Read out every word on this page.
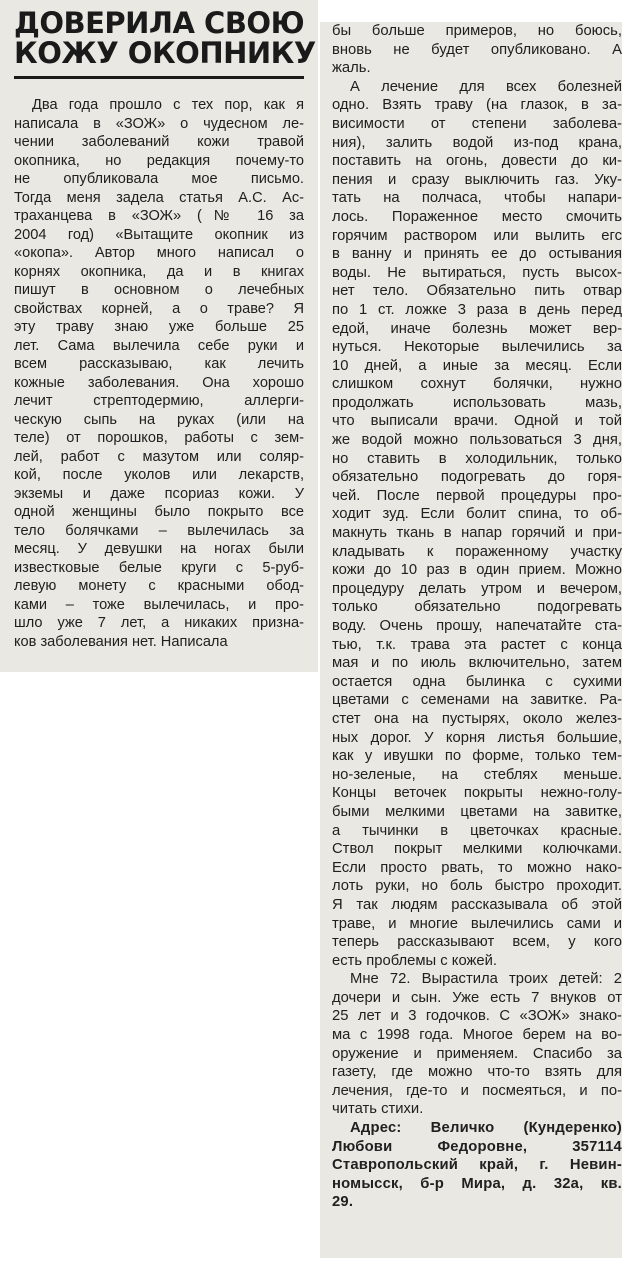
ДОВЕРИЛА СВОЮ
КОЖУ ОКОПНИКУ
Два года прошло с тех пор, как я
написала в «ЗОЖ» о чудесном ле-
чении заболеваний кожи травой
окопника, но редакция почему-то
не опубликовала мое письмо.
Тогда меня задела статья А.С. Ас-
траханцева в «ЗОЖ» (№ 16 за
2004 год) «Вытащите окопник из
«окопа». Автор много написал о
корнях окопника, да и в книгах
пишут в основном о лечебных
свойствах корней, а о траве? Я
эту траву знаю уже больше 25
лет. Сама вылечила себе руки и
всем рассказываю, как лечить
кожные заболевания. Она хорошо
лечит стрептодермию, аллерги-
ческую сыпь на руках (или на
теле) от порошков, работы с зем-
лей, работ с мазутом или соляр-
кой, после уколов или лекарств,
экземы и даже псориаз кожи. У
одной женщины было покрыто все
тело болячками – вылечилась за
месяц. У девушки на ногах были
известковые белые круги с 5-руб-
левую монету с красными обод-
ками – тоже вылечилась, и про-
шло уже 7 лет, а никаких призна-
ков заболевания нет. Написала
бы больше примеров, но боюсь,
вновь не будет опубликовано. А
жаль.
А лечение для всех болезней
одно. Взять траву (на глазок, в за-
висимости от степени заболева-
ния), залить водой из-под крана,
поставить на огонь, довести до ки-
пения и сразу выключить газ. Уку-
тать на полчаса, чтобы напари-
лось. Пораженное место смочить
горячим раствором или вылить егс
в ванну и принять ее до остывания
воды. Не вытираться, пусть высох-
нет тело. Обязательно пить отвар
по 1 ст. ложке 3 раза в день перед
едой, иначе болезнь может вер-
нуться. Некоторые вылечились за
10 дней, а иные за месяц. Если
слишком сохнут болячки, нужно
продолжать использовать мазь,
что выписали врачи. Одной и той
же водой можно пользоваться 3 дня,
но ставить в холодильник, только
обязательно подогревать до горя-
чей. После первой процедуры про-
ходит зуд. Если болит спина, то об-
макнуть ткань в напар горячий и при-
кладывать к пораженному участку
кожи до 10 раз в один прием. Можно
процедуру делать утром и вечером,
только обязательно подогревать
воду. Очень прошу, напечатайте ста-
тью, т.к. трава эта растет с конца
мая и по июль включительно, затем
остается одна былинка с сухими
цветами с семенами на завитке. Ра-
стет она на пустырях, около желез-
ных дорог. У корня листья большие,
как у ивушки по форме, только тем-
но-зеленые, на стеблях меньше.
Концы веточек покрыты нежно-голу-
быми мелкими цветами на завитке,
а тычинки в цветочках красные.
Ствол покрыт мелкими колючками.
Если просто рвать, то можно нако-
лоть руки, но боль быстро проходит.
Я так людям рассказывала об этой
траве, и многие вылечились сами и
теперь рассказывают всем, у кого
есть проблемы с кожей.
Мне 72. Вырастила троих детей: 2
дочери и сын. Уже есть 7 внуков от
25 лет и 3 годочков. С «ЗОЖ» знако-
ма с 1998 года. Многое берем на во-
оружение и применяем. Спасибо за
газету, где можно что-то взять для
лечения, где-то и посмеяться, и по-
читать стихи.
Адрес: Величко (Кундеренко)
Любови Федоровне, 357114
Ставропольский край, г. Невин-
номысск, б-р Мира, д. 32а, кв.
29.
